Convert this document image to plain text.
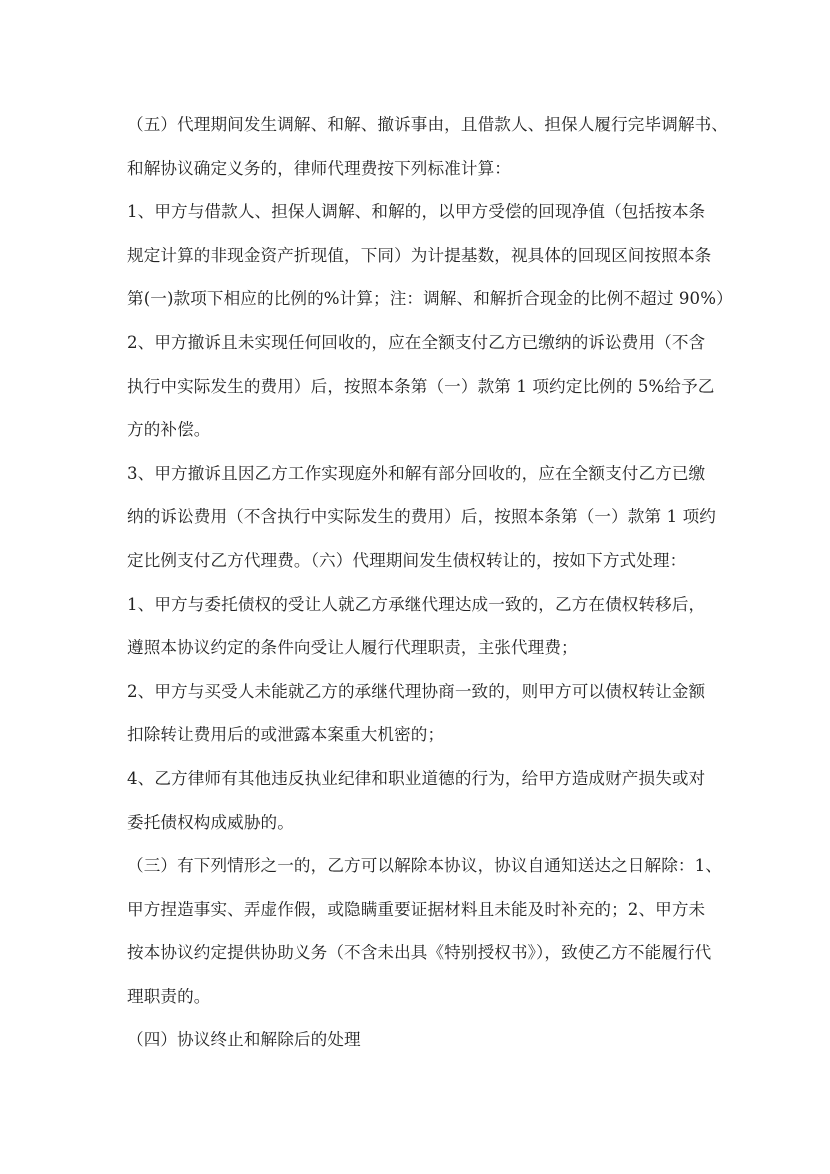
（五）代理期间发生调解、和解、撤诉事由，且借款人、担保人履行完毕调解书、
和解协议确定义务的，律师代理费按下列标准计算：
1、甲方与借款人、担保人调解、和解的，以甲方受偿的回现净值（包括按本条
规定计算的非现金资产折现值，下同）为计提基数，视具体的回现区间按照本条
第(一)款项下相应的比例的%计算；注：调解、和解折合现金的比例不超过 90%）
2、甲方撤诉且未实现任何回收的，应在全额支付乙方已缴纳的诉讼费用（不含
执行中实际发生的费用）后，按照本条第（一）款第 1 项约定比例的 5%给予乙
方的补偿。
3、甲方撤诉且因乙方工作实现庭外和解有部分回收的，应在全额支付乙方已缴
纳的诉讼费用（不含执行中实际发生的费用）后，按照本条第（一）款第 1 项约
定比例支付乙方代理费。（六）代理期间发生债权转让的，按如下方式处理：
1、甲方与委托债权的受让人就乙方承继代理达成一致的，乙方在债权转移后，
遵照本协议约定的条件向受让人履行代理职责，主张代理费；
2、甲方与买受人未能就乙方的承继代理协商一致的，则甲方可以债权转让金额
扣除转让费用后的或泄露本案重大机密的；
4、乙方律师有其他违反执业纪律和职业道德的行为，给甲方造成财产损失或对
委托债权构成威胁的。
（三）有下列情形之一的，乙方可以解除本协议，协议自通知送达之日解除：1、
甲方捏造事实、弄虚作假，或隐瞒重要证据材料且未能及时补充的；2、甲方未
按本协议约定提供协助义务（不含未出具《特别授权书》），致使乙方不能履行代
理职责的。
（四）协议终止和解除后的处理
